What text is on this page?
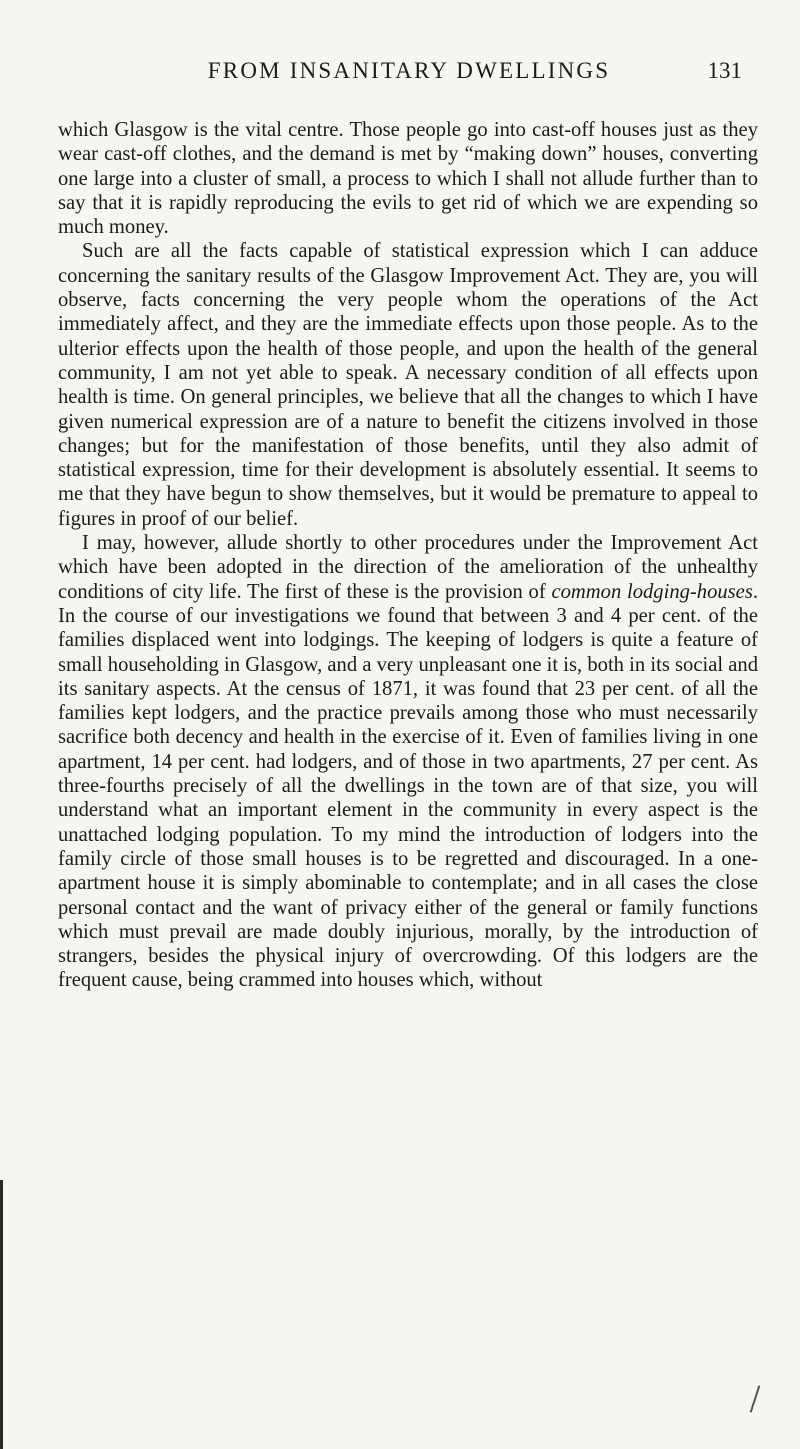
FROM INSANITARY DWELLINGS	131

which Glasgow is the vital centre. Those people go into cast-off houses just as they wear cast-off clothes, and the demand is met by “making down” houses, converting one large into a cluster of small, a process to which I shall not allude further than to say that it is rapidly reproducing the evils to get rid of which we are expending so much money.

Such are all the facts capable of statistical expression which I can adduce concerning the sanitary results of the Glasgow Improvement Act. They are, you will observe, facts concerning the very people whom the operations of the Act immediately affect, and they are the immediate effects upon those people. As to the ulterior effects upon the health of those people, and upon the health of the general community, I am not yet able to speak. A necessary condition of all effects upon health is time. On general principles, we believe that all the changes to which I have given numerical expression are of a nature to benefit the citizens involved in those changes; but for the manifestation of those benefits, until they also admit of statistical expression, time for their development is absolutely essential. It seems to me that they have begun to show themselves, but it would be premature to appeal to figures in proof of our belief.

I may, however, allude shortly to other procedures under the Improvement Act which have been adopted in the direction of the amelioration of the unhealthy conditions of city life. The first of these is the provision of common lodging-houses. In the course of our investigations we found that between 3 and 4 per cent. of the families displaced went into lodgings. The keeping of lodgers is quite a feature of small householding in Glasgow, and a very unpleasant one it is, both in its social and its sanitary aspects. At the census of 1871, it was found that 23 per cent. of all the families kept lodgers, and the practice prevails among those who must necessarily sacrifice both decency and health in the exercise of it. Even of families living in one apartment, 14 per cent. had lodgers, and of those in two apartments, 27 per cent. As three-fourths precisely of all the dwellings in the town are of that size, you will understand what an important element in the community in every aspect is the unattached lodging population. To my mind the introduction of lodgers into the family circle of those small houses is to be regretted and discouraged. In a one-apartment house it is simply abominable to contemplate; and in all cases the close personal contact and the want of privacy either of the general or family functions which must prevail are made doubly injurious, morally, by the introduction of strangers, besides the physical injury of overcrowding. Of this lodgers are the frequent cause, being crammed into houses which, without
